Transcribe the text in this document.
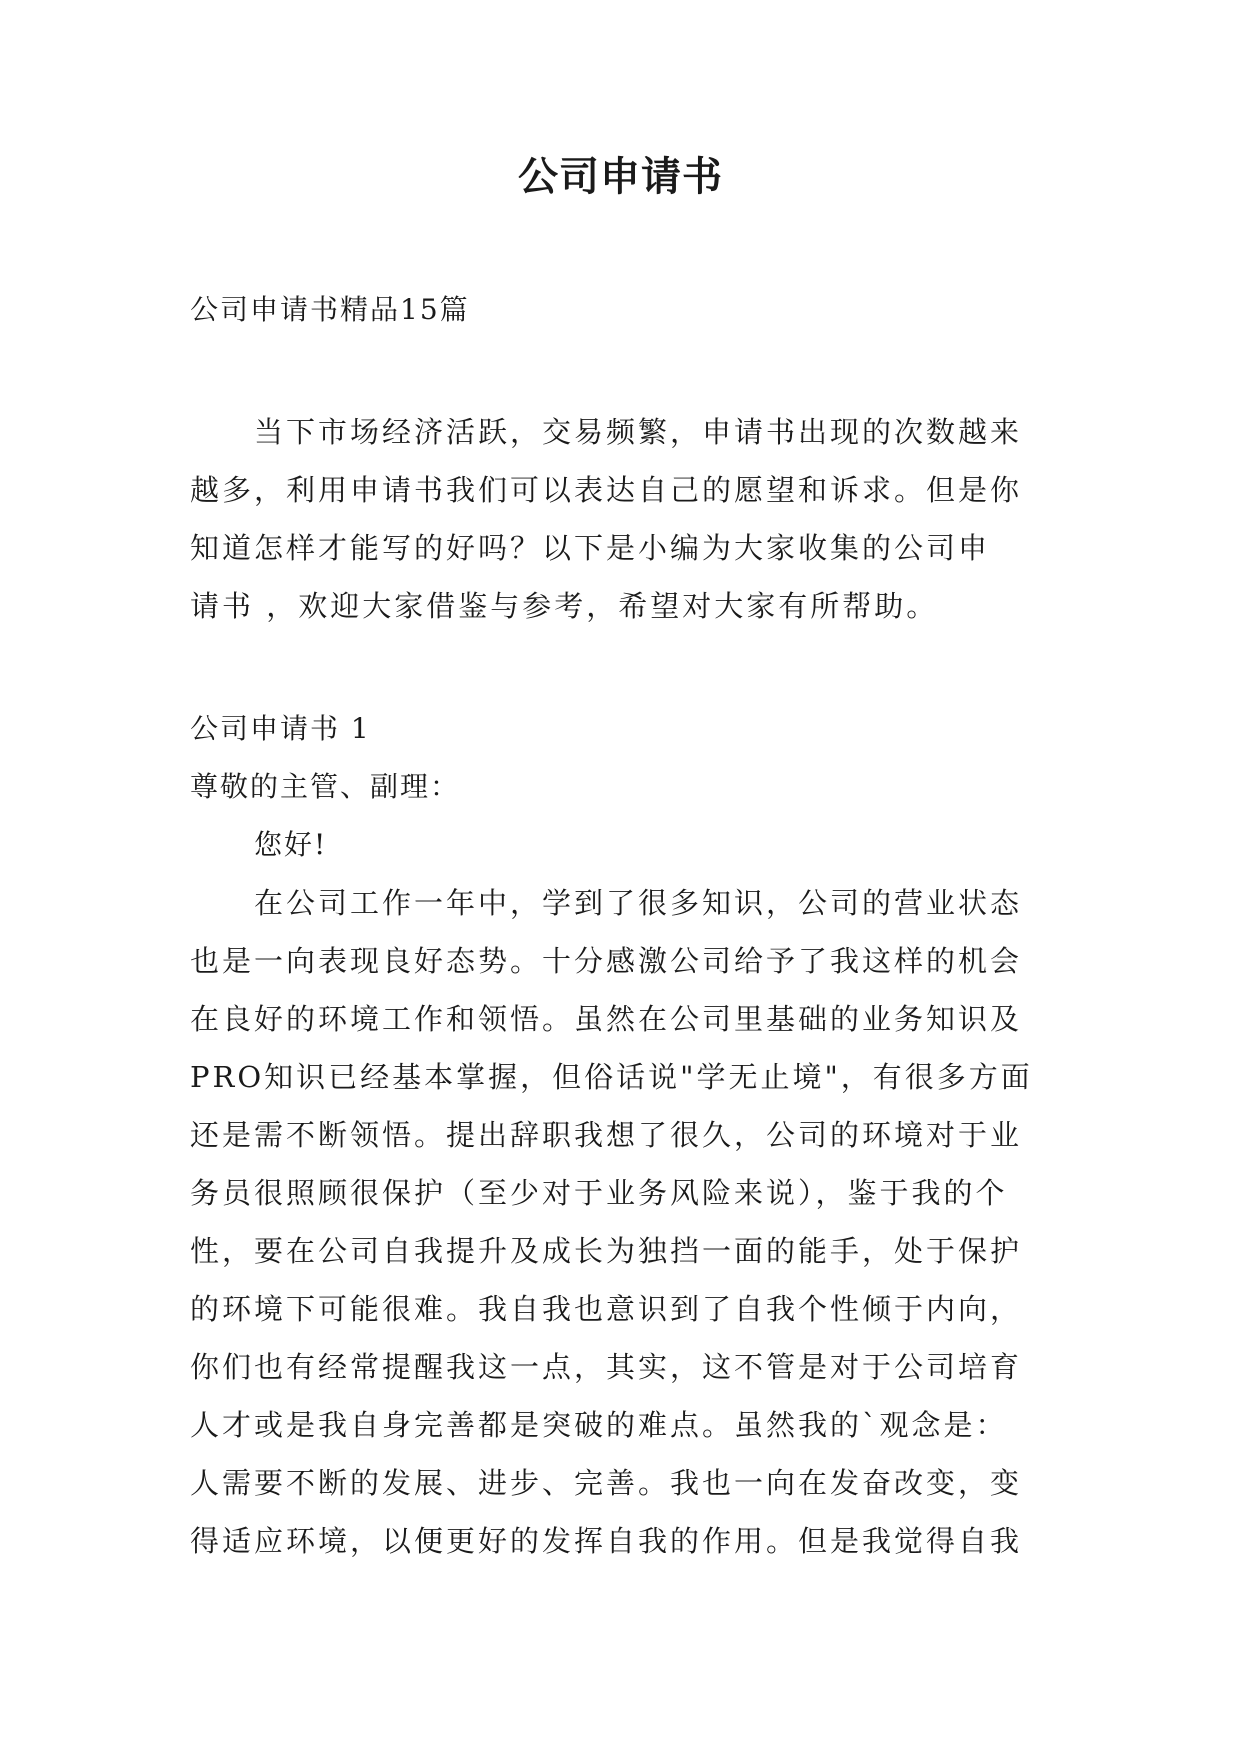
公司申请书
公司申请书精品15篇
当下市场经济活跃，交易频繁，申请书出现的次数越来
越多，利用申请书我们可以表达自己的愿望和诉求。但是你
知道怎样才能写的好吗？以下是小编为大家收集的公司申
请书 ，欢迎大家借鉴与参考，希望对大家有所帮助。
公司申请书 1
尊敬的主管、副理：
您好!
在公司工作一年中，学到了很多知识，公司的营业状态
也是一向表现良好态势。十分感激公司给予了我这样的机会
在良好的环境工作和领悟。虽然在公司里基础的业务知识及
PRO知识已经基本掌握，但俗话说"学无止境"，有很多方面
还是需不断领悟。提出辞职我想了很久，公司的环境对于业
务员很照顾很保护（至少对于业务风险来说），鉴于我的个
性，要在公司自我提升及成长为独挡一面的能手，处于保护
的环境下可能很难。我自我也意识到了自我个性倾于内向，
你们也有经常提醒我这一点，其实，这不管是对于公司培育
人才或是我自身完善都是突破的难点。虽然我的`观念是：
人需要不断的发展、进步、完善。我也一向在发奋改变，变
得适应环境，以便更好的发挥自我的作用。但是我觉得自我
